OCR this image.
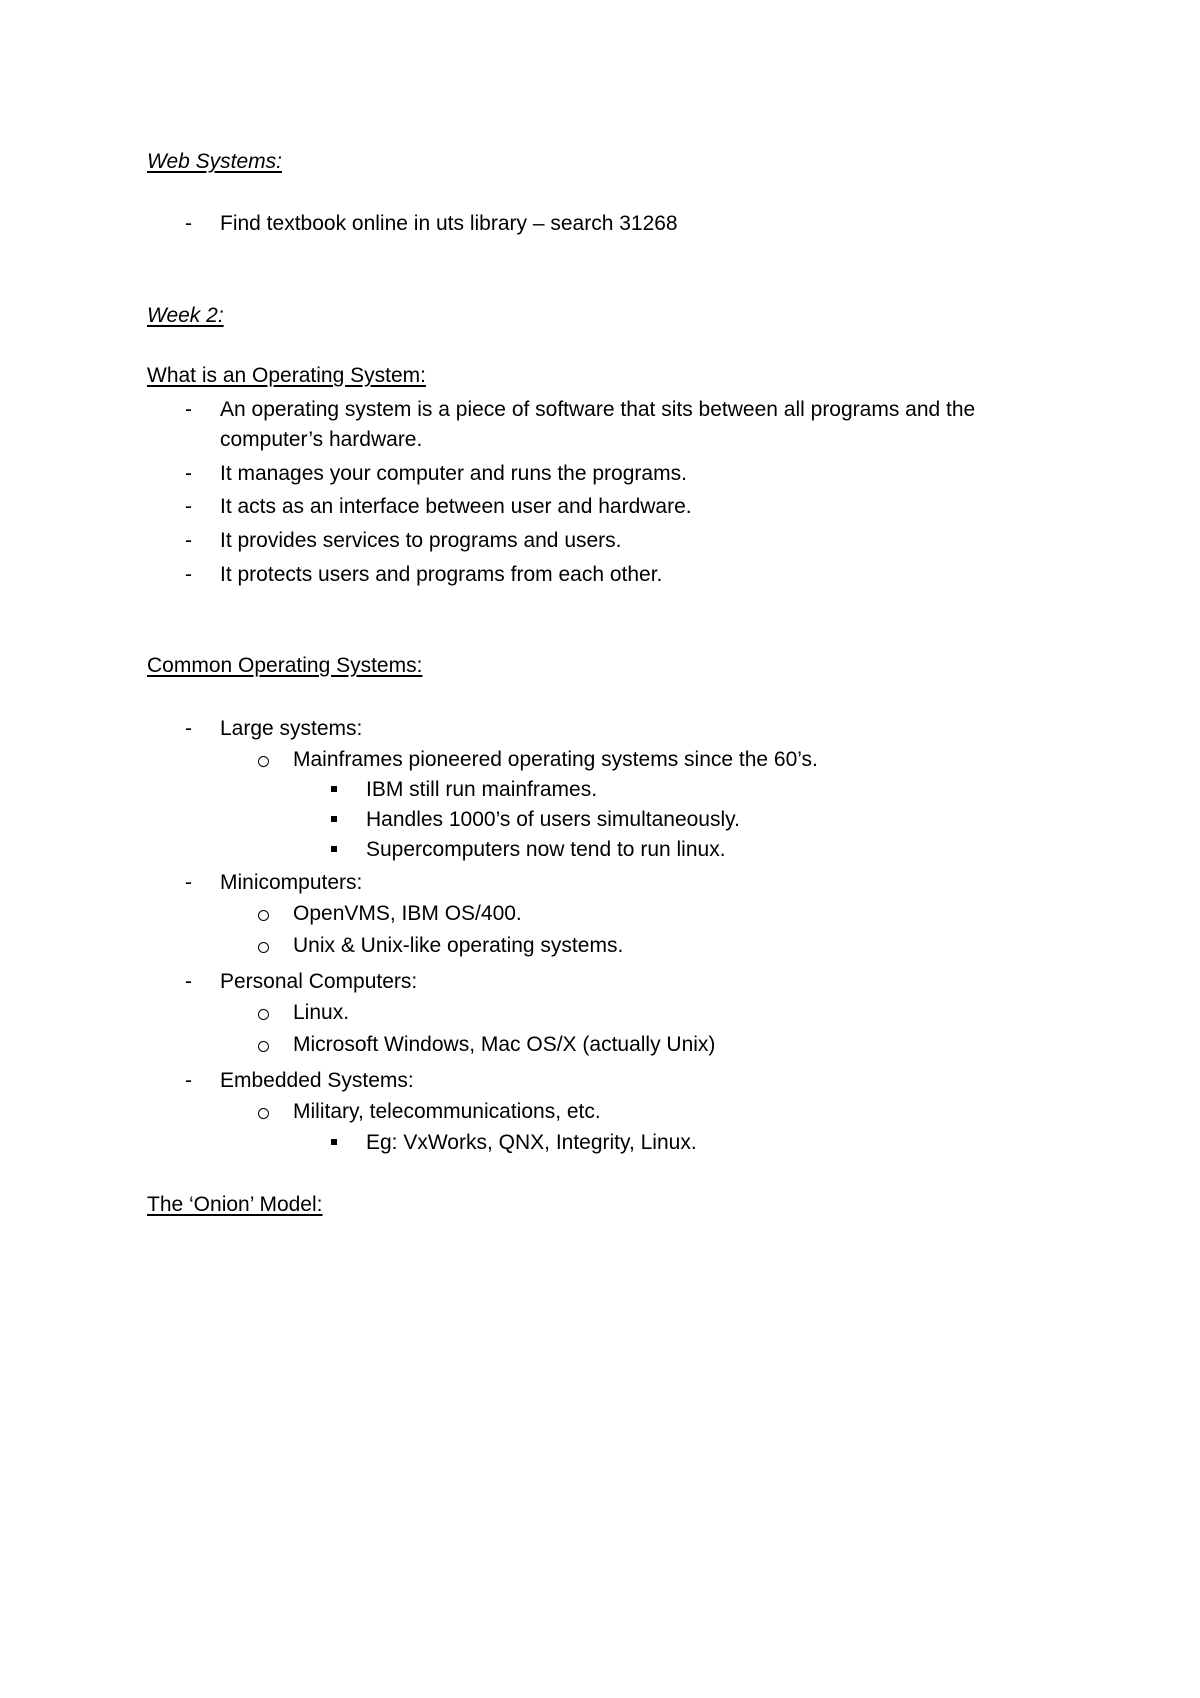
Web Systems:
- Find textbook online in uts library – search 31268
Week 2:
What is an Operating System:
- An operating system is a piece of software that sits between all programs and the
computer’s hardware.
- It manages your computer and runs the programs.
- It acts as an interface between user and hardware.
- It provides services to programs and users.
- It protects users and programs from each other.
Common Operating Systems:
- Large systems:
Mainframes pioneered operating systems since the 60’s.
IBM still run mainframes.
Handles 1000’s of users simultaneously.
Supercomputers now tend to run linux.
- Minicomputers:
OpenVMS, IBM OS/400.
Unix & Unix-like operating systems.
- Personal Computers:
Linux.
Microsoft Windows, Mac OS/X (actually Unix)
- Embedded Systems:
Military, telecommunications, etc.
Eg: VxWorks, QNX, Integrity, Linux.
The ‘Onion’ Model:
